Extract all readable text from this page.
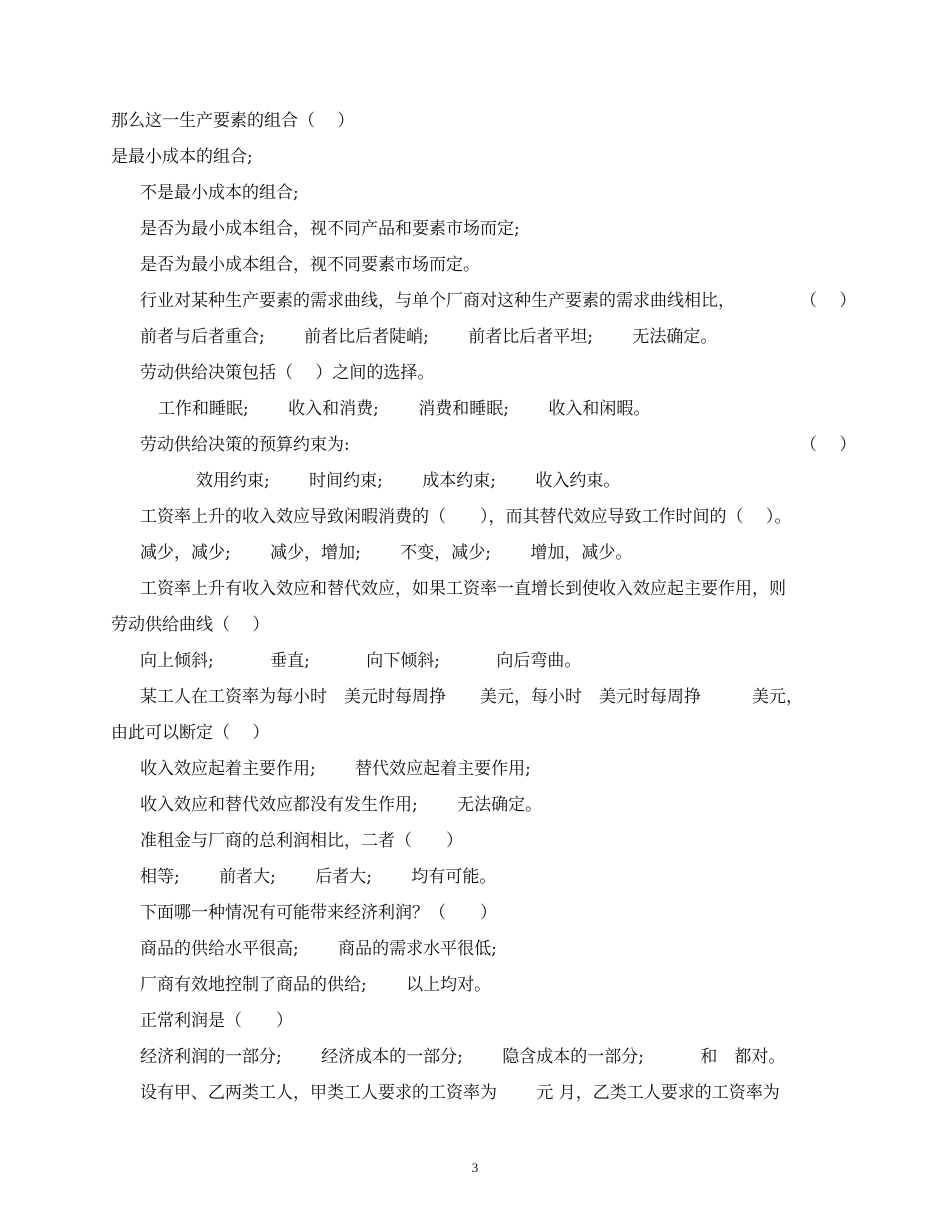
那么这一生产要素的组合（　 ）
是最小成本的组合;
不是最小成本的组合;
是否为最小成本组合，视不同产品和要素市场而定;
是否为最小成本组合，视不同要素市场而定。
行业对某种生产要素的需求曲线，与单个厂商对这种生产要素的需求曲线相比，	（　 ）
前者与后者重合;　　 前者比后者陡峭;　　 前者比后者平坦;　　 无法确定。
劳动供给决策包括（　 ）之间的选择。
工作和睡眠;　　 收入和消费;　　 消费和睡眠;　　 收入和闲暇。
劳动供给决策的预算约束为:	（　 ）
效用约束;　　 时间约束;　　 成本约束;　　 收入约束。
工资率上升的收入效应导致闲暇消费的（　　），而其替代效应导致工作时间的（　 ）。
减少，减少;　　 减少，增加;　　 不变，减少;　　 增加，减少。
工资率上升有收入效应和替代效应，如果工资率一直增长到使收入效应起主要作用，则
劳动供给曲线（　 ）
向上倾斜;　　　 垂直;　　　 向下倾斜;　　　 向后弯曲。
某工人在工资率为每小时　美元时每周挣　　美元，每小时　美元时每周挣　　　美元，
由此可以断定（　 ）
收入效应起着主要作用;　　 替代效应起着主要作用;
收入效应和替代效应都没有发生作用;　　 无法确定。
准租金与厂商的总利润相比，二者（　　）
相等;　　 前者大;　　 后者大;　　 均有可能。
下面哪一种情况有可能带来经济利润？（　　）
商品的供给水平很高;　　 商品的需求水平很低;
厂商有效地控制了商品的供给;　　 以上均对。
正常利润是（　　）
经济利润的一部分;　　 经济成本的一部分;　　 隐含成本的一部分;　　　 和　都对。
设有甲、乙两类工人，甲类工人要求的工资率为　　 元 月，乙类工人要求的工资率为
3
